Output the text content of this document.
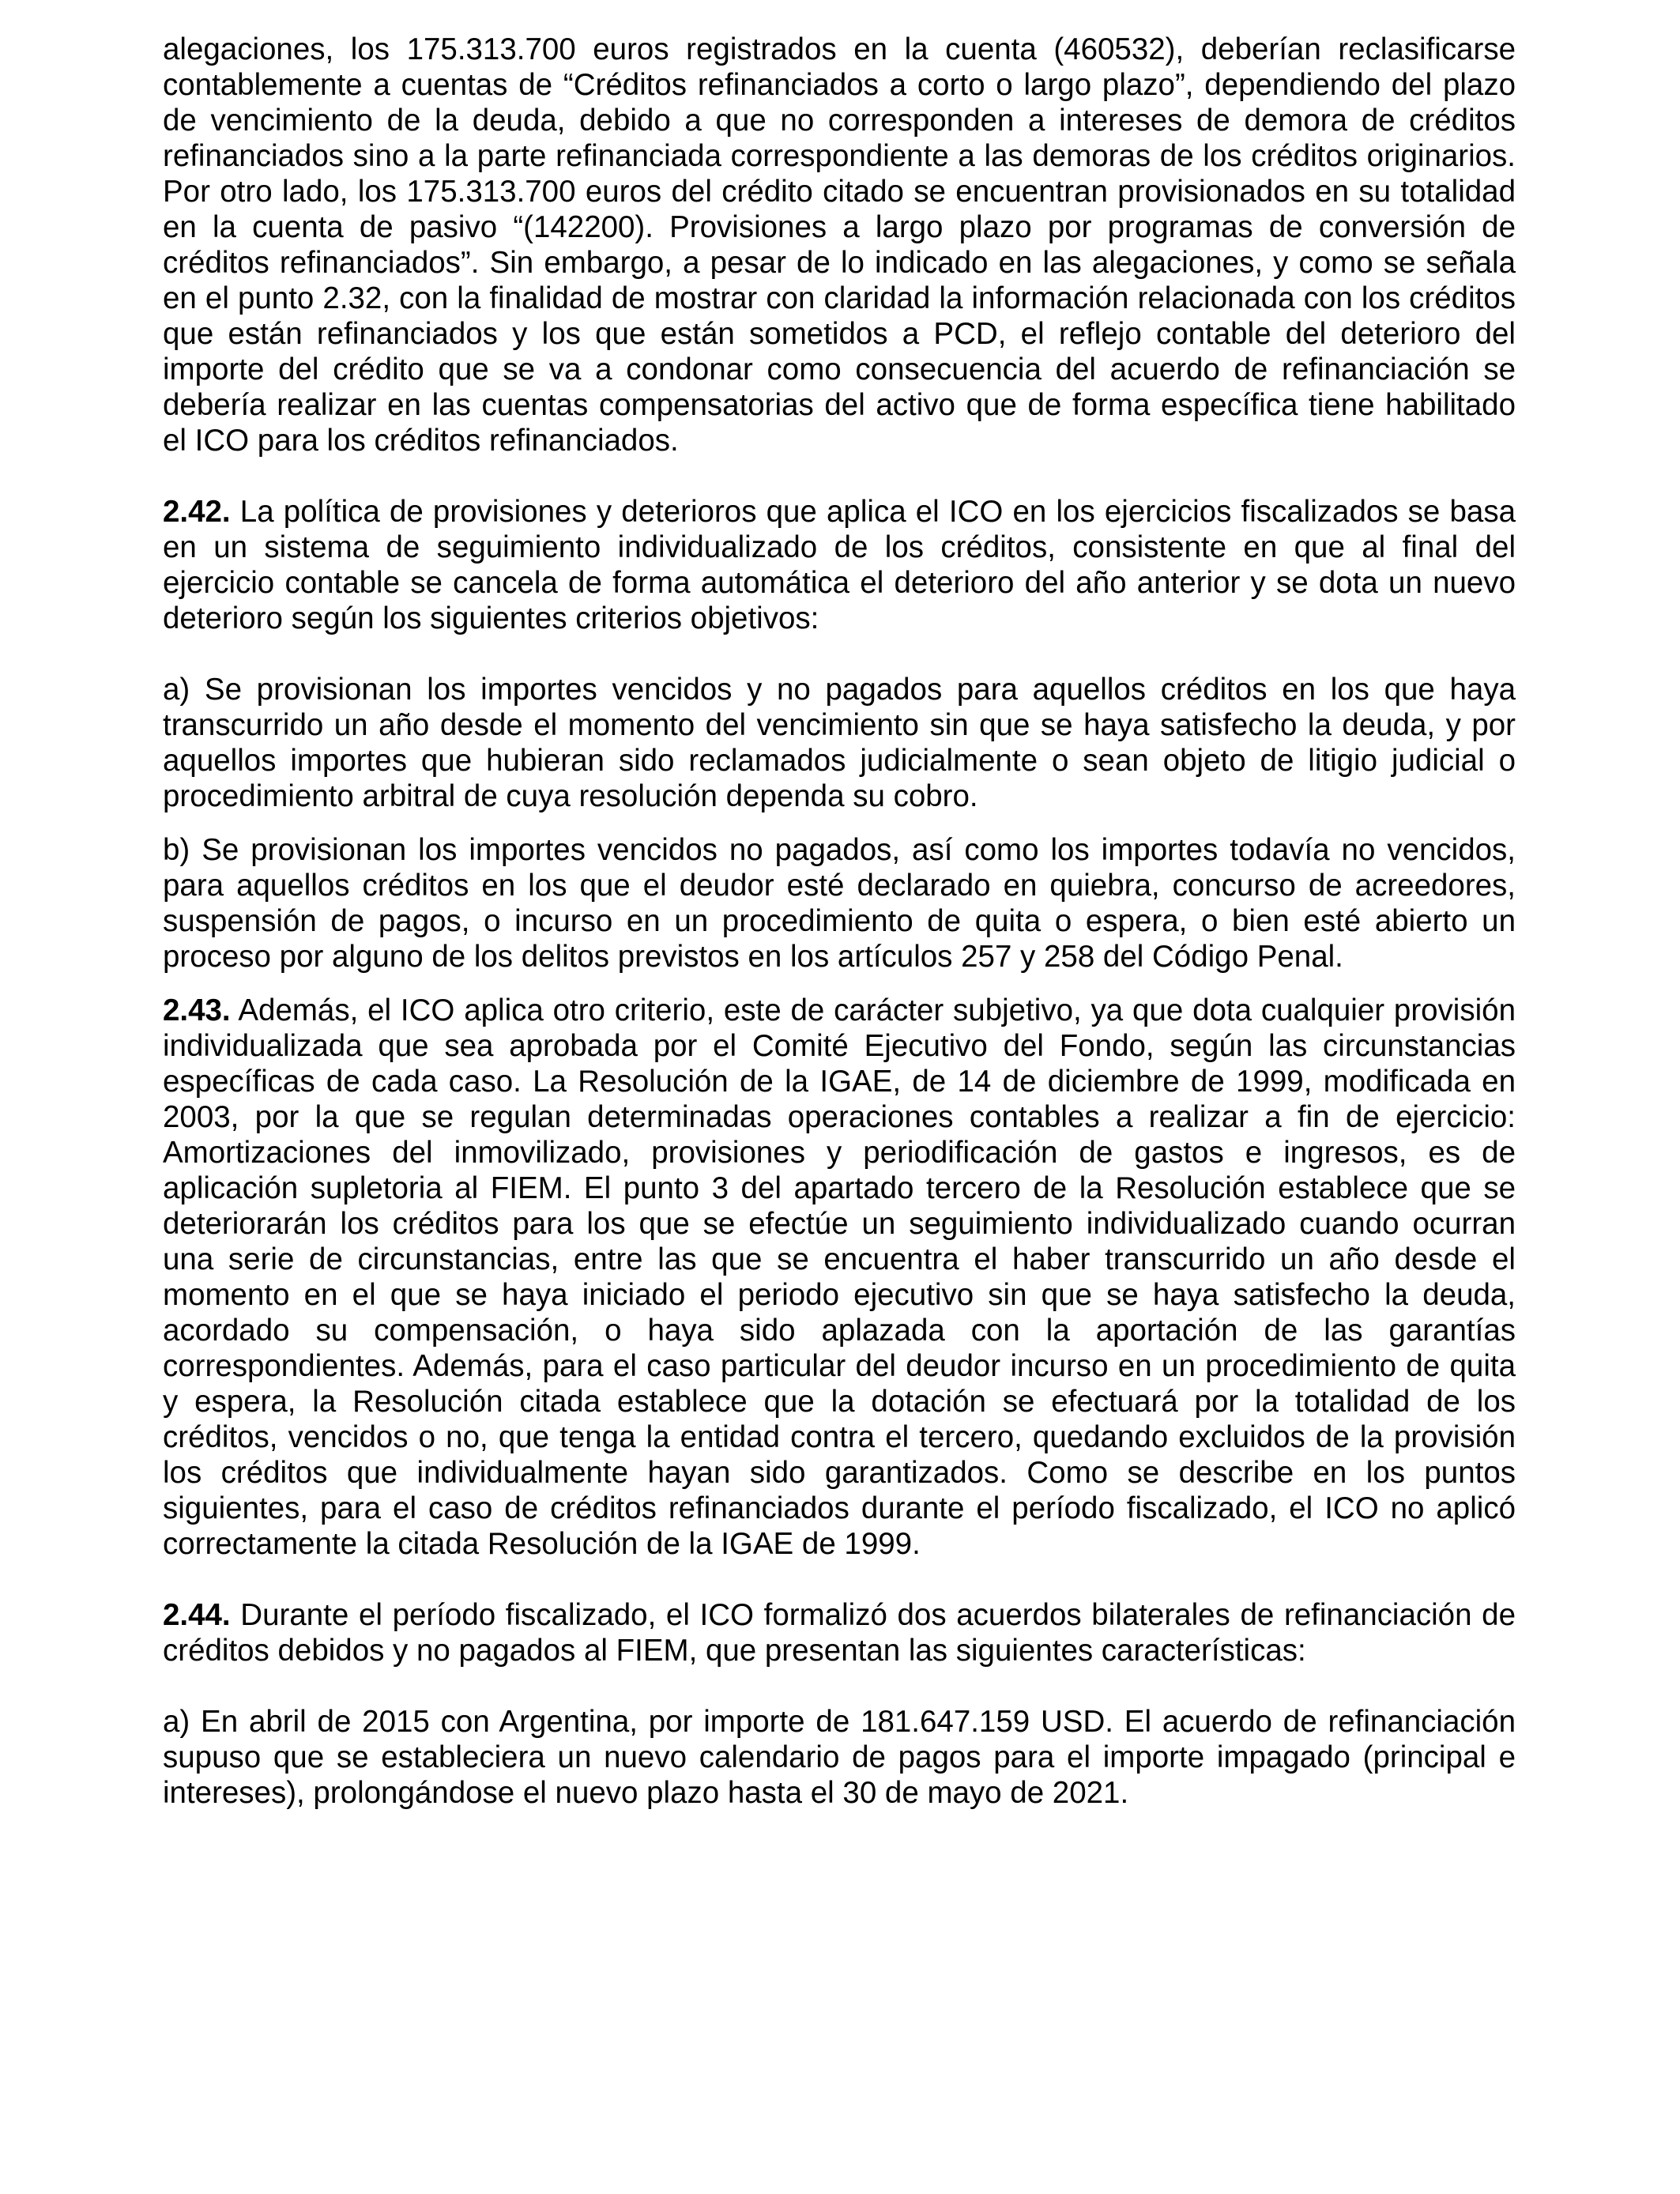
alegaciones, los 175.313.700 euros registrados en la cuenta (460532), deberían reclasificarse contablemente a cuentas de “Créditos refinanciados a corto o largo plazo”, dependiendo del plazo de vencimiento de la deuda, debido a que no corresponden a intereses de demora de créditos refinanciados sino a la parte refinanciada correspondiente a las demoras de los créditos originarios. Por otro lado, los 175.313.700 euros del crédito citado se encuentran provisionados en su totalidad en la cuenta de pasivo “(142200). Provisiones a largo plazo por programas de conversión de créditos refinanciados”. Sin embargo, a pesar de lo indicado en las alegaciones, y como se señala en el punto 2.32, con la finalidad de mostrar con claridad la información relacionada con los créditos que están refinanciados y los que están sometidos a PCD, el reflejo contable del deterioro del importe del crédito que se va a condonar como consecuencia del acuerdo de refinanciación se debería realizar en las cuentas compensatorias del activo que de forma específica tiene habilitado el ICO para los créditos refinanciados.

2.42. La política de provisiones y deterioros que aplica el ICO en los ejercicios fiscalizados se basa en un sistema de seguimiento individualizado de los créditos, consistente en que al final del ejercicio contable se cancela de forma automática el deterioro del año anterior y se dota un nuevo deterioro según los siguientes criterios objetivos:

a) Se provisionan los importes vencidos y no pagados para aquellos créditos en los que haya transcurrido un año desde el momento del vencimiento sin que se haya satisfecho la deuda, y por aquellos importes que hubieran sido reclamados judicialmente o sean objeto de litigio judicial o procedimiento arbitral de cuya resolución dependa su cobro.

b) Se provisionan los importes vencidos no pagados, así como los importes todavía no vencidos, para aquellos créditos en los que el deudor esté declarado en quiebra, concurso de acreedores, suspensión de pagos, o incurso en un procedimiento de quita o espera, o bien esté abierto un proceso por alguno de los delitos previstos en los artículos 257 y 258 del Código Penal.

2.43. Además, el ICO aplica otro criterio, este de carácter subjetivo, ya que dota cualquier provisión individualizada que sea aprobada por el Comité Ejecutivo del Fondo, según las circunstancias específicas de cada caso. La Resolución de la IGAE, de 14 de diciembre de 1999, modificada en 2003, por la que se regulan determinadas operaciones contables a realizar a fin de ejercicio: Amortizaciones del inmovilizado, provisiones y periodificación de gastos e ingresos, es de aplicación supletoria al FIEM. El punto 3 del apartado tercero de la Resolución establece que se deteriorarán los créditos para los que se efectúe un seguimiento individualizado cuando ocurran una serie de circunstancias, entre las que se encuentra el haber transcurrido un año desde el momento en el que se haya iniciado el periodo ejecutivo sin que se haya satisfecho la deuda, acordado su compensación, o haya sido aplazada con la aportación de las garantías correspondientes. Además, para el caso particular del deudor incurso en un procedimiento de quita y espera, la Resolución citada establece que la dotación se efectuará por la totalidad de los créditos, vencidos o no, que tenga la entidad contra el tercero, quedando excluidos de la provisión los créditos que individualmente hayan sido garantizados. Como se describe en los puntos siguientes, para el caso de créditos refinanciados durante el período fiscalizado, el ICO no aplicó correctamente la citada Resolución de la IGAE de 1999.

2.44. Durante el período fiscalizado, el ICO formalizó dos acuerdos bilaterales de refinanciación de créditos debidos y no pagados al FIEM, que presentan las siguientes características:

a) En abril de 2015 con Argentina, por importe de 181.647.159 USD. El acuerdo de refinanciación supuso que se estableciera un nuevo calendario de pagos para el importe impagado (principal e intereses), prolongándose el nuevo plazo hasta el 30 de mayo de 2021.
